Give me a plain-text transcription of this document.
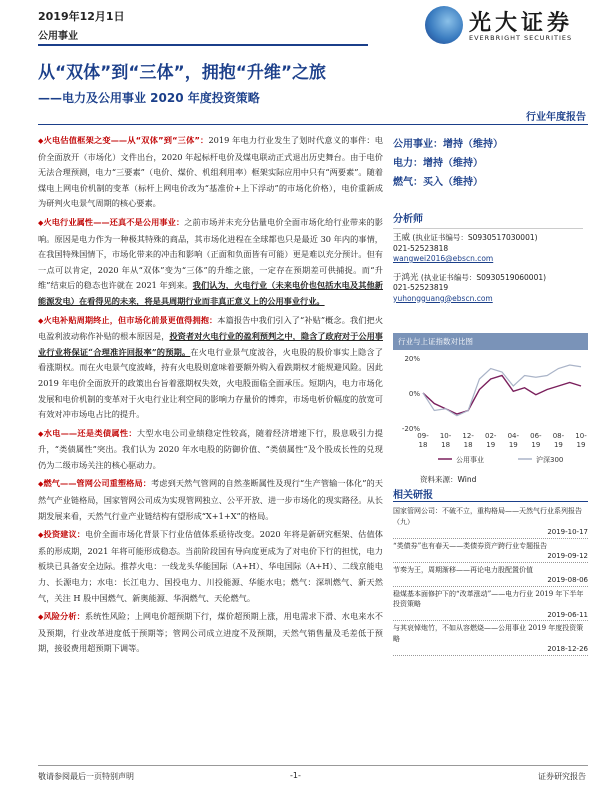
2019年12月1日
公用事业
光大证券
EVERBRIGHT SECURITIES
从“双体”到“三体”，拥抱“升维”之旅
——电力及公用事业 2020 年度投资策略
行业年度报告

◆火电估值框架之变——从“双体”到“三体”：2019 年电力行业发生了划时代意义的事件：电价全面放开（市场化）文件出台，2020 年起标杆电价及煤电联动正式退出历史舞台。由于电价无法合理预测，电力“三要素”（电价、煤价、机组利用率）框架实际应用中只有“两要素”。随着煤电上网电价机制的变革（标杆上网电价改为“基准价+上下浮动”的市场化价格），电价重新成为研判火电景气周期的核心要素。

◆火电行业属性——还真不是公用事业：之前市场并未充分估量电价全面市场化给行业带来的影响。原因是电力作为一种极其特殊的商品，其市场化进程在全球都也只是最近 30 年内的事情，在我国特殊国情下，市场化带来的冲击和影响（正面和负面皆有可能）更是难以充分预计。但有一点可以肯定，2020 年从“双体”变为“三体”的升维之旅，一定存在预期差可供捕捉。而“升维”结束后的稳态也许就在 2021 年到来。我们认为，火电行业（未来电价也包括水电及其他新能源发电）在看得见的未来，将是具周期行业而非真正意义上的公用事业行业。

◆火电补贴周期终止，但市场化前景更值得拥抱：本篇报告中我们引入了“补贴”概念。我们把火电盈利波动称作补贴的根本原因是，投资者对火电行业的盈利预判之中，隐含了政府对于公用事业行业将保证“合理准许回报率”的预期。在火电行业景气度波谷，火电股的股价事实上隐含了看涨期权。而在火电景气度波峰，持有火电股则意味着要额外购入看跌期权才能规避风险。因此 2019 年电价全面放开的政策出台旨着涨期权失效，火电股面临全面承压。短期内，电力市场化发展和电价机制的变革对于火电行业让利空间的影响力存量价的博弈，市场电析价幅度的放宽可有效对冲市场电占比的提升。

◆水电——还是类债属性：大型水电公司业绩稳定性较高，随着经济增速下行，股息吸引力提升，“类债属性”突出。我们认为 2020 年水电股的防御价值、“类债属性”及个股成长性的兑现仍为二级市场关注的核心驱动力。

◆燃气——管网公司重塑格局：考虑到天然气管网的自然垄断属性及现行“生产管输一体化”的天然气产业链格局，国家管网公司成为实现管网独立、公平开放、进一步市场化的现实路径。从长期发展来看，天然气行业产业链结构有望形成“X+1+X”的格局。

◆投资建议：电价全面市场化背景下行业估值体系亟待改变。2020 年将是新研究框架、估值体系的形成期，2021 年将可能形成稳态。当前阶段国有导向度更成为了对电价下行的担忧，电力板块已具备安全边际。推荐火电：一线龙头华能国际（A+H）、华电国际（A+H）、二线京能电力、长源电力；水电：长江电力、国投电力、川投能源、华能水电；燃气：深圳燃气、新天然气，关注 H 股中国燃气、新奥能源、华润燃气、天伦燃气。

◆风险分析：系统性风险；上网电价超预期下行，煤价超预期上涨，用电需求下滑、水电来水不及预期，行业改革进度低于预期等；管网公司成立进度不及预期，天然气销售量及毛差低于预期，接驳费用超预期下调等。

公用事业：增持（维持）
电力：增持（维持）
燃气：买入（维持）
分析师
王威 (执业证书编号：S0930517030001)
021-52523818
wangwei2016@ebscn.com
于鸿光 (执业证书编号：S0930519060001)
021-52523819
yuhongguang@ebscn.com
行业与上证指数对比图
20%
0%
-20%
09-
18
10-
18
12-
18
02-
19
04-
19
06-
19
08-
19
10-
19
公用事业	沪深300
资料来源：Wind
相关研报
国家管网公司：不破不立，重构格局——天然气行业系列报告（九）
2019-10-17
“类债券”也有春天——类债券资产跨行业专题报告
2019-09-12
节奏为王，周期渐移——再论电力股配置价值
2019-08-06
稳煤基本面修护下的“改革涨动”——电力行业 2019 年下半年投资策略
2019-06-11
与其哀悼炮竹，不如从容燃烧——公用事业 2019 年度投资策略
2018-12-26
敬请参阅最后一页特别声明	-1-	证券研究报告
